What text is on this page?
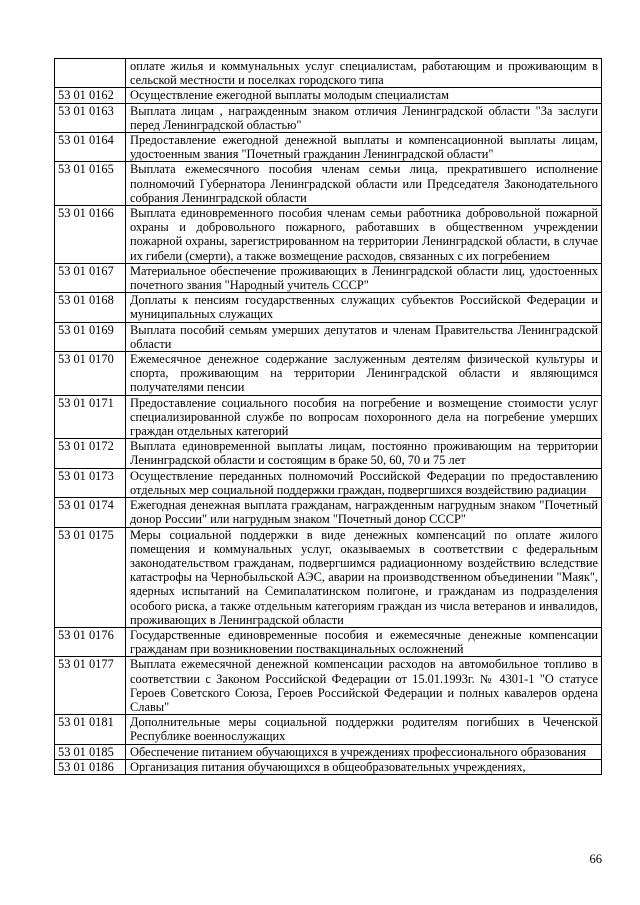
	оплате жилья и коммунальных услуг специалистам, работающим и проживающим в сельской местности и поселках городского типа
53 01 0162	Осуществление ежегодной выплаты молодым специалистам
53 01 0163	Выплата лицам , награжденным знаком отличия Ленинградской области "За заслуги перед Ленинградской областью"
53 01 0164	Предоставление ежегодной денежной выплаты и компенсационной выплаты лицам, удостоенным звания "Почетный гражданин Ленинградской области"
53 01 0165	Выплата ежемесячного пособия членам семьи лица, прекратившего исполнение полномочий Губернатора Ленинградской области или Председателя Законодательного собрания Ленинградской области
53 01 0166	Выплата единовременного пособия членам семьи работника добровольной пожарной охраны и добровольного пожарного, работавших в общественном учреждении пожарной охраны, зарегистрированном на территории Ленинградской области, в случае их гибели (смерти), а также возмещение расходов, связанных с их погребением
53 01 0167	Материальное обеспечение проживающих в Ленинградской области лиц, удостоенных почетного звания "Народный учитель СССР"
53 01 0168	Доплаты к пенсиям государственных служащих субъектов Российской Федерации и муниципальных служащих
53 01 0169	Выплата пособий семьям умерших депутатов и членам Правительства Ленинградской области
53 01 0170	Ежемесячное денежное содержание заслуженным деятелям физической культуры и спорта, проживающим на территории Ленинградской области и являющимся получателями пенсии
53 01 0171	Предоставление социального пособия на погребение и возмещение стоимости услуг специализированной службе по вопросам похоронного дела на погребение умерших граждан отдельных категорий
53 01 0172	Выплата единовременной выплаты лицам, постоянно проживающим на территории Ленинградской области и состоящим в браке 50, 60, 70 и 75 лет
53 01 0173	Осуществление переданных полномочий Российской Федерации по предоставлению отдельных мер социальной поддержки граждан, подвергшихся воздействию радиации
53 01 0174	Ежегодная денежная выплата гражданам, награжденным нагрудным знаком "Почетный донор России" или нагрудным знаком "Почетный донор СССР"
53 01 0175	Меры социальной поддержки в виде денежных компенсаций по оплате жилого помещения и коммунальных услуг, оказываемых в соответствии с федеральным законодательством гражданам, подвергшимся радиационному воздействию вследствие катастрофы на Чернобыльской АЭС, аварии на производственном объединении "Маяк", ядерных испытаний на Семипалатинском полигоне, и гражданам из подразделения особого риска, а также отдельным категориям граждан из числа ветеранов и инвалидов, проживающих в Ленинградской области
53 01 0176	Государственные единовременные пособия и ежемесячные денежные компенсации гражданам при возникновении поствакцинальных осложнений
53 01 0177	Выплата ежемесячной денежной компенсации расходов на автомобильное топливо в соответствии с Законом Российской Федерации от 15.01.1993г. № 4301-1 "О статусе Героев Советского Союза, Героев Российской Федерации и полных кавалеров ордена Славы"
53 01 0181	Дополнительные меры социальной поддержки родителям погибших в Чеченской Республике военнослужащих
53 01 0185	Обеспечение питанием обучающихся в учреждениях профессионального образования
53 01 0186	Организация питания обучающихся в общеобразовательных учреждениях,
66
